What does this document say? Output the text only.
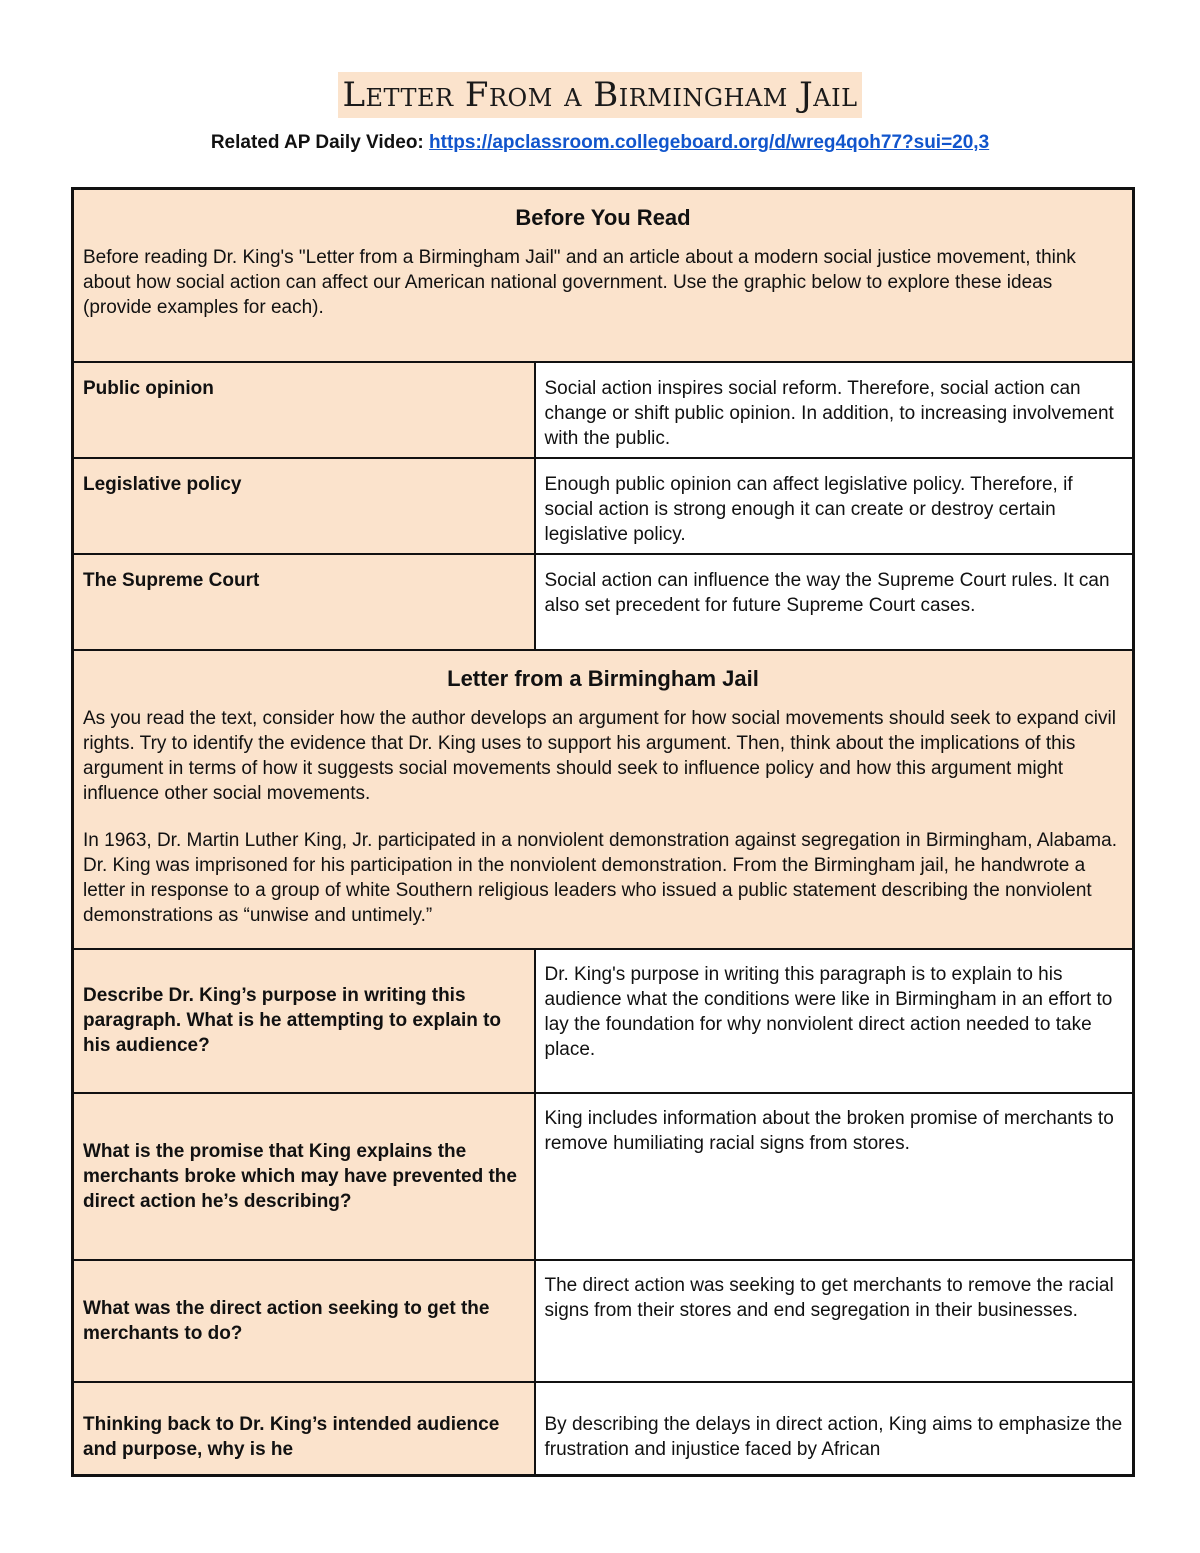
Letter From a Birmingham Jail
Related AP Daily Video: https://apclassroom.collegeboard.org/d/wreg4qoh77?sui=20,3
Before You Read
Before reading Dr. King's "Letter from a Birmingham Jail" and an article about a modern social justice movement, think about how social action can affect our American national government. Use the graphic below to explore these ideas (provide examples for each).	

Public opinion	Social action inspires social reform. Therefore, social action can change or shift public opinion. In addition, to increasing involvement with the public.
Legislative policy	Enough public opinion can affect legislative policy. Therefore, if social action is strong enough it can create or destroy certain legislative policy.
The Supreme Court	Social action can influence the way the Supreme Court rules. It can also set precedent for future Supreme Court cases.

Letter from a Birmingham Jail

As you read the text, consider how the author develops an argument for how social movements should seek to expand civil rights. Try to identify the evidence that Dr. King uses to support his argument. Then, think about the implications of this argument in terms of how it suggests social movements should seek to influence policy and how this argument might influence other social movements.

In 1963, Dr. Martin Luther King, Jr. participated in a nonviolent demonstration against segregation in Birmingham, Alabama. Dr. King was imprisoned for his participation in the nonviolent demonstration. From the Birmingham jail, he handwrote a letter in response to a group of white Southern religious leaders who issued a public statement describing the nonviolent demonstrations as “unwise and untimely.”	

Describe Dr. King’s purpose in writing this paragraph. What is he attempting to explain to his audience?	Dr. King's purpose in writing this paragraph is to explain to his audience what the conditions were like in Birmingham in an effort to lay the foundation for why nonviolent direct action needed to take place.
What is the promise that King explains the merchants broke which may have prevented the direct action he’s describing?	King includes information about the broken promise of merchants to remove humiliating racial signs from stores.
What was the direct action seeking to get the merchants to do?	The direct action was seeking to get merchants to remove the racial signs from their stores and end segregation in their businesses.
Thinking back to Dr. King’s intended audience and purpose, why is he	By describing the delays in direct action, King aims to emphasize the frustration and injustice faced by African
